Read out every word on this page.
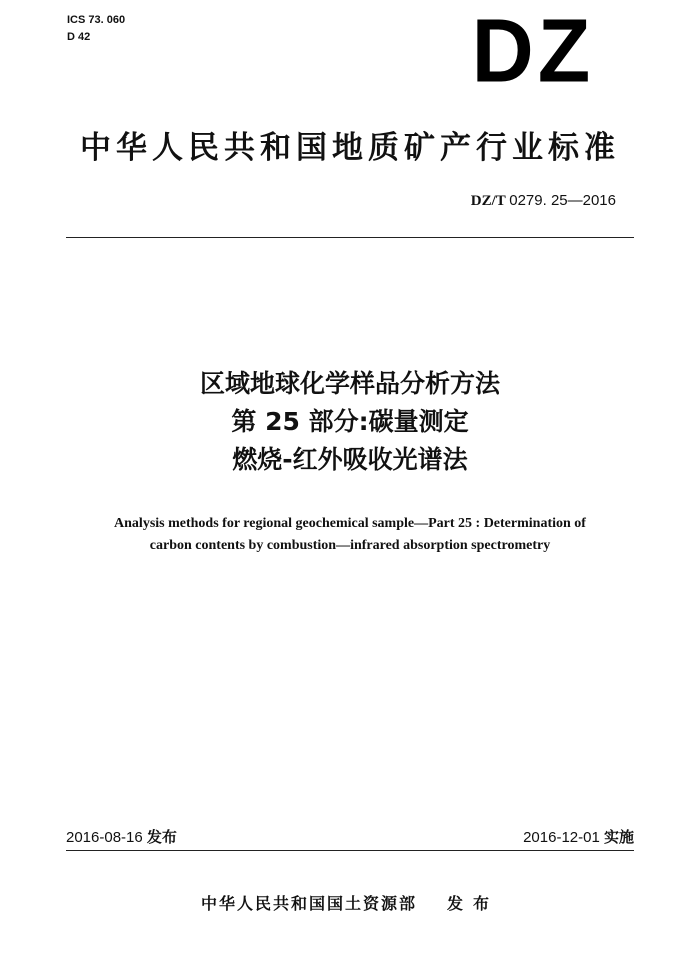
ICS 73. 060
D 42	DZ
中华人民共和国地质矿产行业标准
DZ/T 0279. 25—2016
区域地球化学样品分析方法
第 25 部分:碳量测定
燃烧-红外吸收光谱法
Analysis methods for regional geochemical sample—Part 25 : Determination of
carbon contents by combustion—infrared absorption spectrometry
2016-08-16 发布	2016-12-01 实施
中华人民共和国国土资源部 发布
